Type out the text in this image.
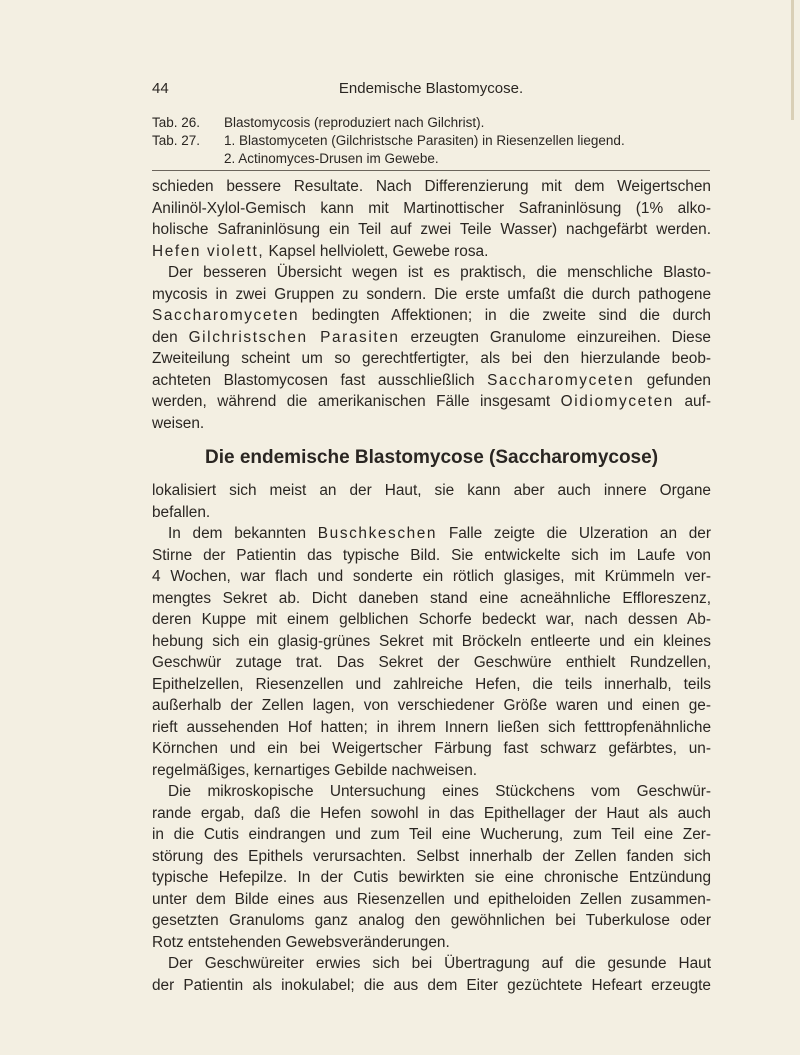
44	Endemische Blastomycose.
Tab. 26.	Blastomycosis (reproduziert nach Gilchrist).
Tab. 27.	1. Blastomyceten (Gilchristsche Parasiten) in Riesenzellen liegend.
2. Actinomyces-Drusen im Gewebe.
schieden bessere Resultate. Nach Differenzierung mit dem Weigertschen
Anilinöl-Xylol-Gemisch kann mit Martinottischer Safraninlösung (1% alko-
holische Safraninlösung ein Teil auf zwei Teile Wasser) nachgefärbt werden.
Hefen violett, Kapsel hellviolett, Gewebe rosa.
Der besseren Übersicht wegen ist es praktisch, die menschliche Blasto-
mycosis in zwei Gruppen zu sondern. Die erste umfaßt die durch pathogene
Saccharomyceten bedingten Affektionen; in die zweite sind die durch
den Gilchristschen Parasiten erzeugten Granulome einzureihen. Diese
Zweiteilung scheint um so gerechtfertigter, als bei den hierzulande beob-
achteten Blastomycosen fast ausschließlich Saccharomyceten gefunden
werden, während die amerikanischen Fälle insgesamt Oidiomyceten auf-
weisen.
Die endemische Blastomycose (Saccharomycose)
lokalisiert sich meist an der Haut, sie kann aber auch innere Organe
befallen.
In dem bekannten Buschkeschen Falle zeigte die Ulzeration an der
Stirne der Patientin das typische Bild. Sie entwickelte sich im Laufe von
4 Wochen, war flach und sonderte ein rötlich glasiges, mit Krümmeln ver-
mengtes Sekret ab. Dicht daneben stand eine acneähnliche Effloreszenz,
deren Kuppe mit einem gelblichen Schorfe bedeckt war, nach dessen Ab-
hebung sich ein glasig-grünes Sekret mit Bröckeln entleerte und ein kleines
Geschwür zutage trat. Das Sekret der Geschwüre enthielt Rundzellen,
Epithelzellen, Riesenzellen und zahlreiche Hefen, die teils innerhalb, teils
außerhalb der Zellen lagen, von verschiedener Größe waren und einen ge-
rieft aussehenden Hof hatten; in ihrem Innern ließen sich fetttropfenähnliche
Körnchen und ein bei Weigertscher Färbung fast schwarz gefärbtes, un-
regelmäßiges, kernartiges Gebilde nachweisen.
Die mikroskopische Untersuchung eines Stückchens vom Geschwür-
rande ergab, daß die Hefen sowohl in das Epithellager der Haut als auch
in die Cutis eindrangen und zum Teil eine Wucherung, zum Teil eine Zer-
störung des Epithels verursachten. Selbst innerhalb der Zellen fanden sich
typische Hefepilze. In der Cutis bewirkten sie eine chronische Entzündung
unter dem Bilde eines aus Riesenzellen und epitheloiden Zellen zusammen-
gesetzten Granuloms ganz analog den gewöhnlichen bei Tuberkulose oder
Rotz entstehenden Gewebsveränderungen.
Der Geschwüreiter erwies sich bei Übertragung auf die gesunde Haut
der Patientin als inokulabel; die aus dem Eiter gezüchtete Hefeart erzeugte
